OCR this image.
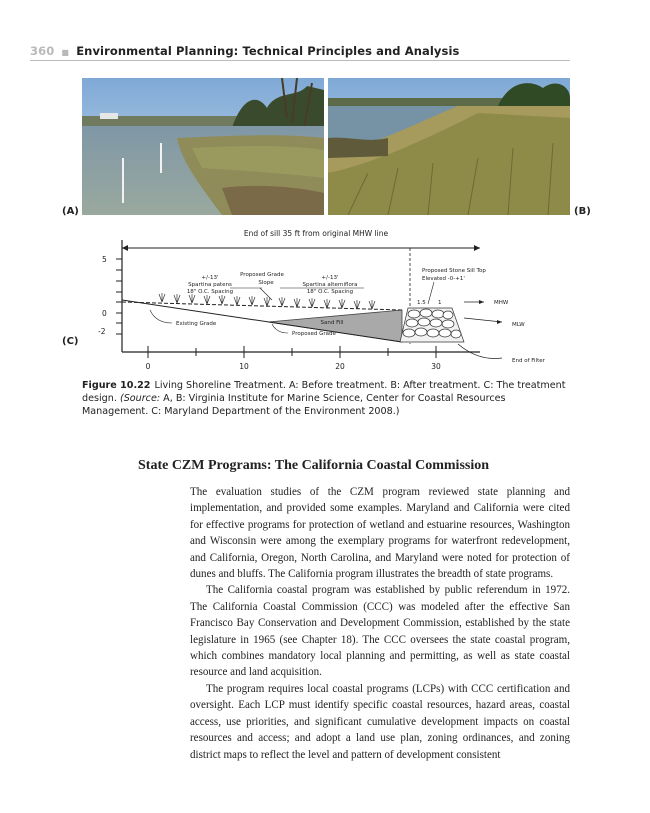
360 ■ Environmental Planning: Technical Principles and Analysis
(A)	(B)
(C)
End of sill 35 ft from original MHW line
5
0
-2
0	10	20	30
1.5 1	MHW
MLW
End of Filter
+/-13'
Spartina patens
18" O.C. Spacing
Proposed Grade
Slope
+/-13'
Spartina alterniflora
18" O.C. Spacing
Proposed Stone Sill Top
Elevated -0-+1'
Existing Grade	Sand Fill
Proposed Grade
Figure 10.22 Living Shoreline Treatment. A: Before treatment. B: After treatment. C: The treatment design. (Source: A, B: Virginia Institute for Marine Science, Center for Coastal Resources Management. C: Maryland Department of the Environment 2008.)
State CZM Programs: The California Coastal Commission

The evaluation studies of the CZM program reviewed state planning and implementation, and provided some examples. Maryland and California were cited for effective programs for protection of wetland and estuarine resources, Washington and Wisconsin were among the exemplary programs for waterfront redevelopment, and California, Oregon, North Carolina, and Maryland were noted for protection of dunes and bluffs. The California program illustrates the breadth of state programs.

The California coastal program was established by public referendum in 1972. The California Coastal Commission (CCC) was modeled after the effective San Francisco Bay Conservation and Development Commission, established by the state legislature in 1965 (see Chapter 18). The CCC oversees the state coastal program, which combines mandatory local planning and permitting, as well as state coastal resource and land acquisition.

The program requires local coastal programs (LCPs) with CCC certification and oversight. Each LCP must identify specific coastal resources, hazard areas, coastal access, use priorities, and significant cumulative development impacts on coastal resources and access; and adopt a land use plan, zoning ordinances, and zoning district maps to reflect the level and pattern of development consistent
